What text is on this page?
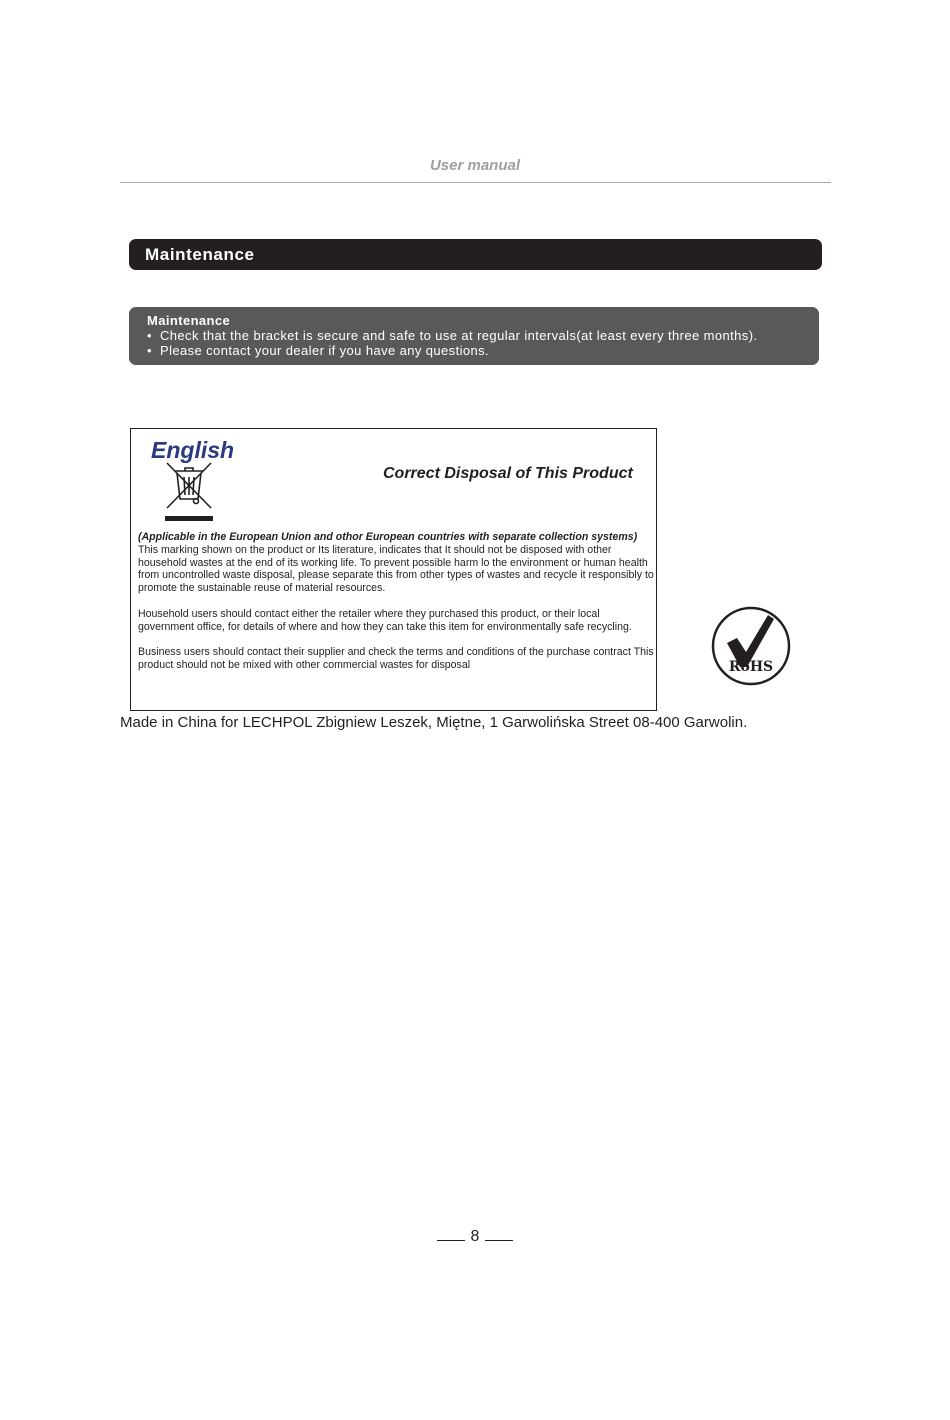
User manual
Maintenance
Maintenance
• Check that the bracket is secure and safe to use at regular intervals(at least every three months).
• Please contact your dealer if you have any questions.
English
Correct Disposal of This Product

(Applicable in the European Union and othor European countries with separate collection systems)

This marking shown on the product or Its literature, indicates that It should not be disposed with other household wastes at the end of its working life. To prevent possible harm lo the environment or human health from uncontrolled waste disposal, please separate this from other types of wastes and recycle it responsibly to promote the sustainable reuse of material resources.

Household users should contact either the retailer where they purchased this product, or their local government office, for details of where and how they can take this item for environmentally safe recycling.

Business users should contact their supplier and check the terms and conditions of the purchase contract This product should not be mixed with other commercial wastes for disposal	RoHS
Made in China for LECHPOL Zbigniew Leszek, Miętne, 1 Garwolińska Street 08-400 Garwolin.
8
